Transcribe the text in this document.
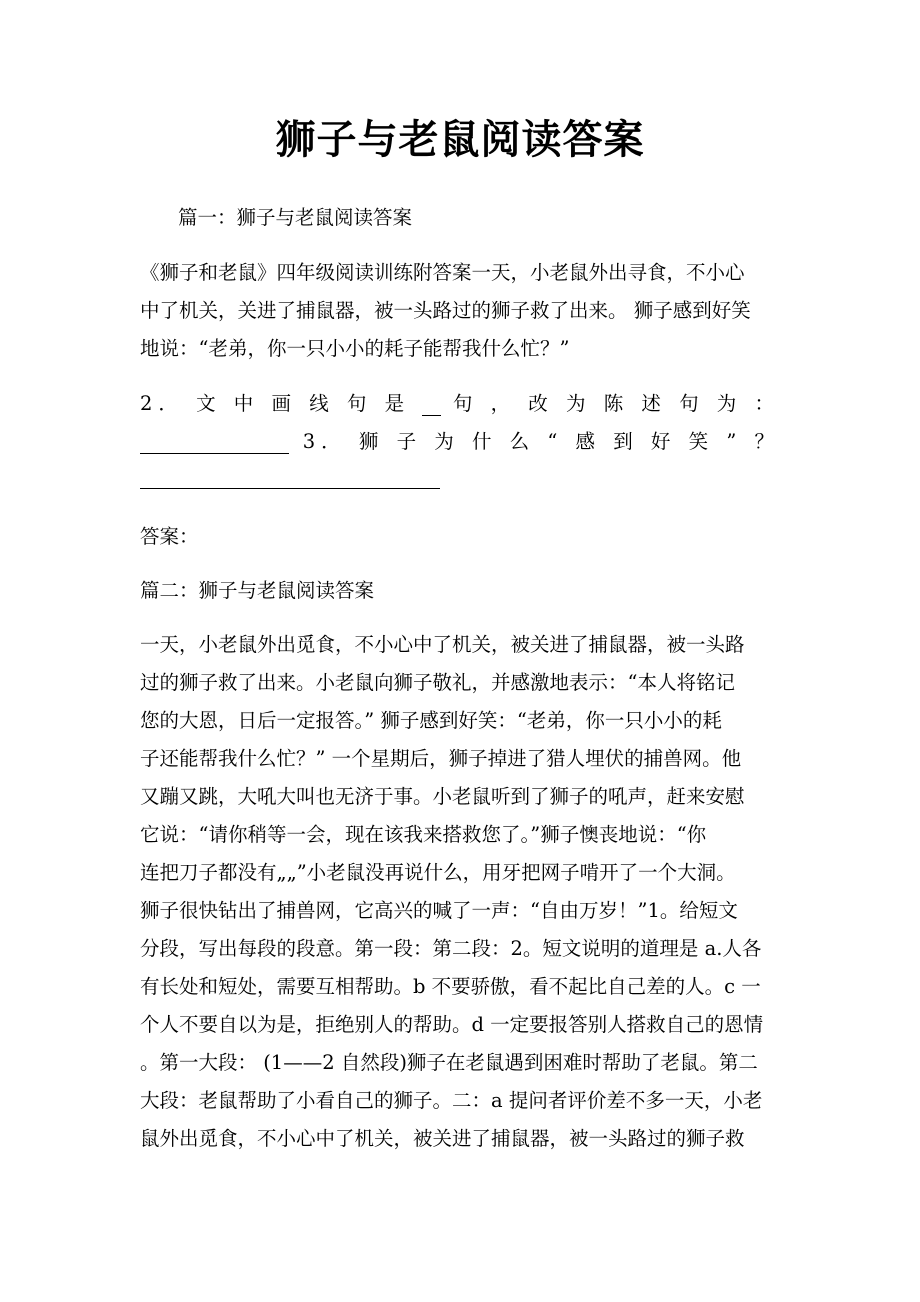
狮子与老鼠阅读答案
篇一：狮子与老鼠阅读答案
《狮子和老鼠》四年级阅读训练附答案一天，小老鼠外出寻食，不小心
中了机关，关进了捕鼠器，被一头路过的狮子救了出来。 狮子感到好笑
地说：“老弟，你一只小小的耗子能帮我什么忙？”
2． 文 中 画 线 句 是 句 ， 改 为 陈 述 句 为 ：
3． 狮 子 为 什 么 “ 感 到 好 笑 ” ？
答案：
篇二：狮子与老鼠阅读答案
一天，小老鼠外出觅食，不小心中了机关，被关进了捕鼠器，被一头路
过的狮子救了出来。小老鼠向狮子敬礼，并感激地表示：“本人将铭记
您的大恩，日后一定报答。” 狮子感到好笑：“老弟，你一只小小的耗
子还能帮我什么忙？” 一个星期后，狮子掉进了猎人埋伏的捕兽网。他
又蹦又跳，大吼大叫也无济于事。小老鼠听到了狮子的吼声，赶来安慰
它说：“请你稍等一会，现在该我来搭救您了。”狮子懊丧地说：“你
连把刀子都没有„„”小老鼠没再说什么，用牙把网子啃开了一个大洞。
狮子很快钻出了捕兽网，它高兴的喊了一声：“自由万岁！”1。给短文
分段，写出每段的段意。第一段：第二段：2。短文说明的道理是 a.人各
有长处和短处，需要互相帮助。b 不要骄傲，看不起比自己差的人。c 一
个人不要自以为是，拒绝别人的帮助。d 一定要报答别人搭救自己的恩情
。第一大段： (1——2 自然段)狮子在老鼠遇到困难时帮助了老鼠。第二
大段：老鼠帮助了小看自己的狮子。二：a 提问者评价差不多一天，小老
鼠外出觅食，不小心中了机关，被关进了捕鼠器，被一头路过的狮子救
